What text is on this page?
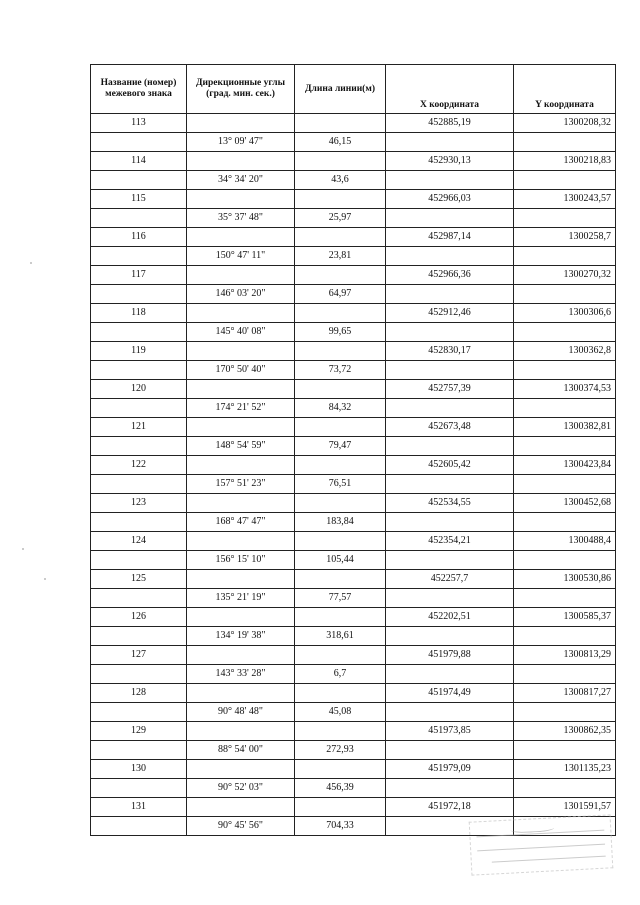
Название (номер) межевого знака	Дирекционные углы (град. мин. сек.)	Длина линии(м)	X координата	Y координата
113			452885,19	1300208,32
	13° 09' 47"	46,15		
114			452930,13	1300218,83
	34° 34' 20"	43,6		
115			452966,03	1300243,57
	35° 37' 48"	25,97		
116			452987,14	1300258,7
	150° 47' 11"	23,81		
117			452966,36	1300270,32
	146° 03' 20"	64,97		
118			452912,46	1300306,6
	145° 40' 08"	99,65		
119			452830,17	1300362,8
	170° 50' 40"	73,72		
120			452757,39	1300374,53
	174° 21' 52"	84,32		
121			452673,48	1300382,81
	148° 54' 59"	79,47		
122			452605,42	1300423,84
	157° 51' 23"	76,51		
123			452534,55	1300452,68
	168° 47' 47"	183,84		
124			452354,21	1300488,4
	156° 15' 10"	105,44		
125			452257,7	1300530,86
	135° 21' 19"	77,57		
126			452202,51	1300585,37
	134° 19' 38"	318,61		
127			451979,88	1300813,29
	143° 33' 28"	6,7		
128			451974,49	1300817,27
	90° 48' 48"	45,08		
129			451973,85	1300862,35
	88° 54' 00"	272,93		
130			451979,09	1301135,23
	90° 52' 03"	456,39		
131			451972,18	1301591,57
	90° 45' 56"	704,33		
